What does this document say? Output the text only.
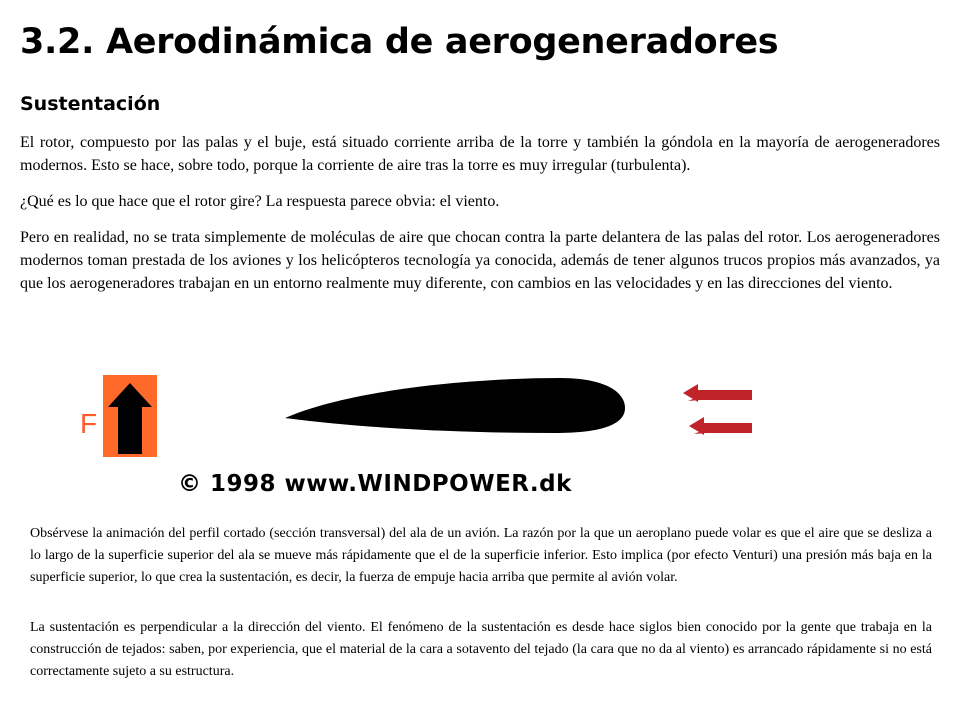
3.2. Aerodinámica de aerogeneradores
Sustentación

El rotor, compuesto por las palas y el buje, está situado corriente arriba de la torre y también la góndola en la mayoría de aerogeneradores modernos. Esto se hace, sobre todo, porque la corriente de aire tras la torre es muy irregular (turbulenta).

¿Qué es lo que hace que el rotor gire? La respuesta parece obvia: el viento.

Pero en realidad, no se trata simplemente de moléculas de aire que chocan contra la parte delantera de las palas del rotor. Los aerogeneradores modernos toman prestada de los aviones y los helicópteros tecnología ya conocida, además de tener algunos trucos propios más avanzados, ya que los aerogeneradores trabajan en un entorno realmente muy diferente, con cambios en las velocidades y en las direcciones del viento.

F

© 1998 www.WINDPOWER.dk

Obsérvese la animación del perfil cortado (sección transversal) del ala de un avión. La razón por la que un aeroplano puede volar es que el aire que se desliza a lo largo de la superficie superior del ala se mueve más rápidamente que el de la superficie inferior. Esto implica (por efecto Venturi) una presión más baja en la superficie superior, lo que crea la sustentación, es decir, la fuerza de empuje hacia arriba que permite al avión volar.

La sustentación es perpendicular a la dirección del viento. El fenómeno de la sustentación es desde hace siglos bien conocido por la gente que trabaja en la construcción de tejados: saben, por experiencia, que el material de la cara a sotavento del tejado (la cara que no da al viento) es arrancado rápidamente si no está correctamente sujeto a su estructura.
